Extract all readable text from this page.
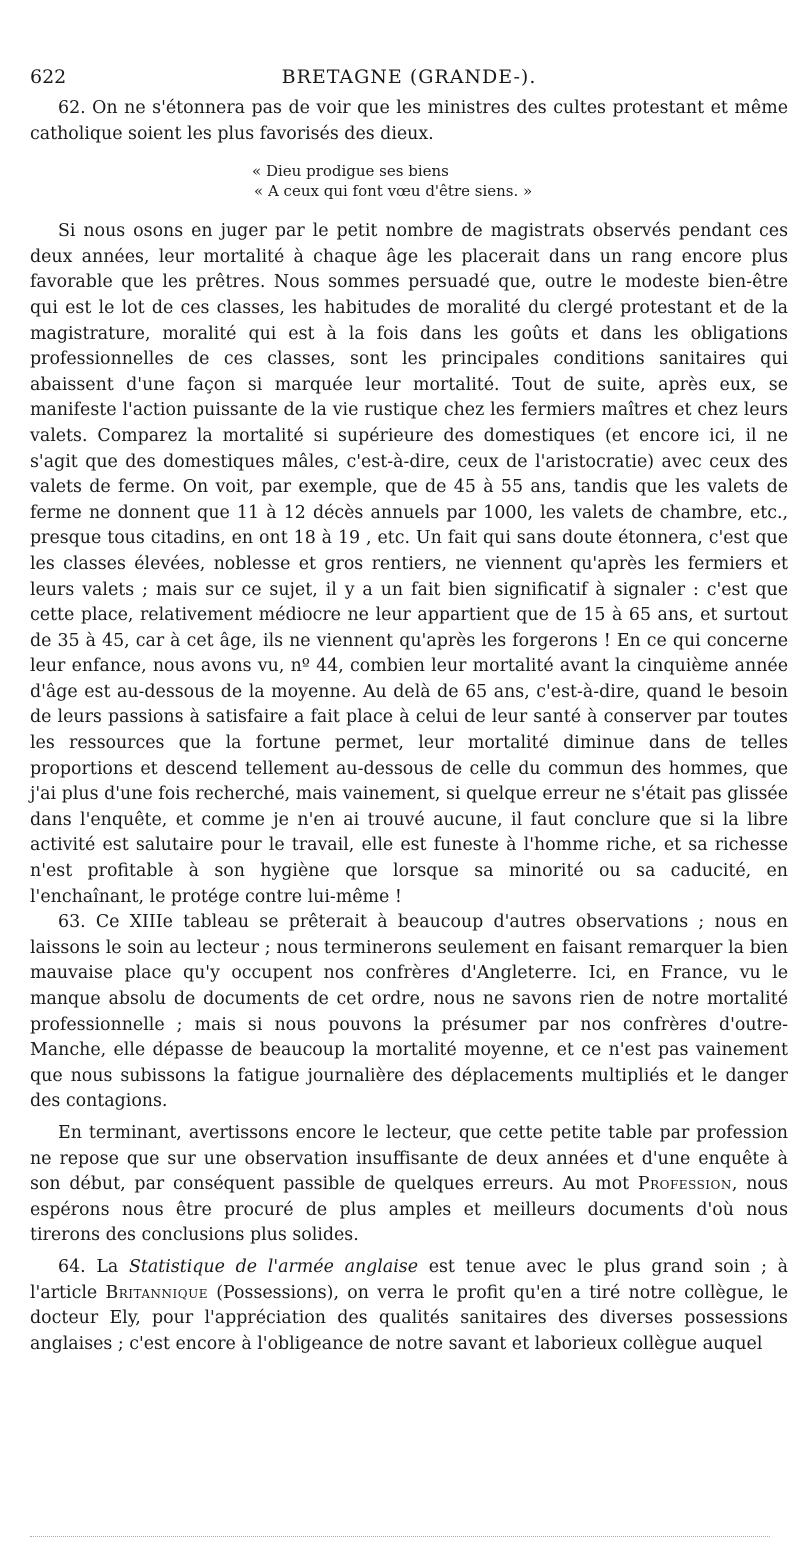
622	BRETAGNE (GRANDE-).

62. On ne s'étonnera pas de voir que les ministres des cultes protestant et même catholique soient les plus favorisés des dieux.

« Dieu prodigue ses biens
« A ceux qui font vœu d'être siens. »

Si nous osons en juger par le petit nombre de magistrats observés pendant ces deux années, leur mortalité à chaque âge les placerait dans un rang encore plus favorable que les prêtres. Nous sommes persuadé que, outre le modeste bien-être qui est le lot de ces classes, les habitudes de moralité du clergé protestant et de la magistrature, moralité qui est à la fois dans les goûts et dans les obligations professionnelles de ces classes, sont les principales conditions sanitaires qui abaissent d'une façon si marquée leur mortalité. Tout de suite, après eux, se manifeste l'action puissante de la vie rustique chez les fermiers maîtres et chez leurs valets. Comparez la mortalité si supérieure des domestiques (et encore ici, il ne s'agit que des domestiques mâles, c'est-à-dire, ceux de l'aristocratie) avec ceux des valets de ferme. On voit, par exemple, que de 45 à 55 ans, tandis que les valets de ferme ne donnent que 11 à 12 décès annuels par 1000, les valets de chambre, etc., presque tous citadins, en ont 18 à 19 , etc. Un fait qui sans doute étonnera, c'est que les classes élevées, noblesse et gros rentiers, ne viennent qu'après les fermiers et leurs valets ; mais sur ce sujet, il y a un fait bien significatif à signaler : c'est que cette place, relativement médiocre ne leur appartient que de 15 à 65 ans, et surtout de 35 à 45, car à cet âge, ils ne viennent qu'après les forgerons ! En ce qui concerne leur enfance, nous avons vu, nº 44, combien leur mortalité avant la cinquième année d'âge est au-dessous de la moyenne. Au delà de 65 ans, c'est-à-dire, quand le besoin de leurs passions à satisfaire a fait place à celui de leur santé à conserver par toutes les ressources que la fortune permet, leur mortalité diminue dans de telles proportions et descend tellement au-dessous de celle du commun des hommes, que j'ai plus d'une fois recherché, mais vainement, si quelque erreur ne s'était pas glissée dans l'enquête, et comme je n'en ai trouvé aucune, il faut conclure que si la libre activité est salutaire pour le travail, elle est funeste à l'homme riche, et sa richesse n'est profitable à son hygiène que lorsque sa minorité ou sa caducité, en l'enchaînant, le protége contre lui-même !

63. Ce XIIIe tableau se prêterait à beaucoup d'autres observations ; nous en laissons le soin au lecteur ; nous terminerons seulement en faisant remarquer la bien mauvaise place qu'y occupent nos confrères d'Angleterre. Ici, en France, vu le manque absolu de documents de cet ordre, nous ne savons rien de notre mortalité professionnelle ; mais si nous pouvons la présumer par nos confrères d'outre-Manche, elle dépasse de beaucoup la mortalité moyenne, et ce n'est pas vainement que nous subissons la fatigue journalière des déplacements multipliés et le danger des contagions.

En terminant, avertissons encore le lecteur, que cette petite table par profession ne repose que sur une observation insuffisante de deux années et d'une enquête à son début, par conséquent passible de quelques erreurs. Au mot Profession, nous espérons nous être procuré de plus amples et meilleurs documents d'où nous tirerons des conclusions plus solides.

64. La Statistique de l'armée anglaise est tenue avec le plus grand soin ; à l'article Britannique (Possessions), on verra le profit qu'en a tiré notre collègue, le docteur Ely, pour l'appréciation des qualités sanitaires des diverses possessions anglaises ; c'est encore à l'obligeance de notre savant et laborieux collègue auquel
